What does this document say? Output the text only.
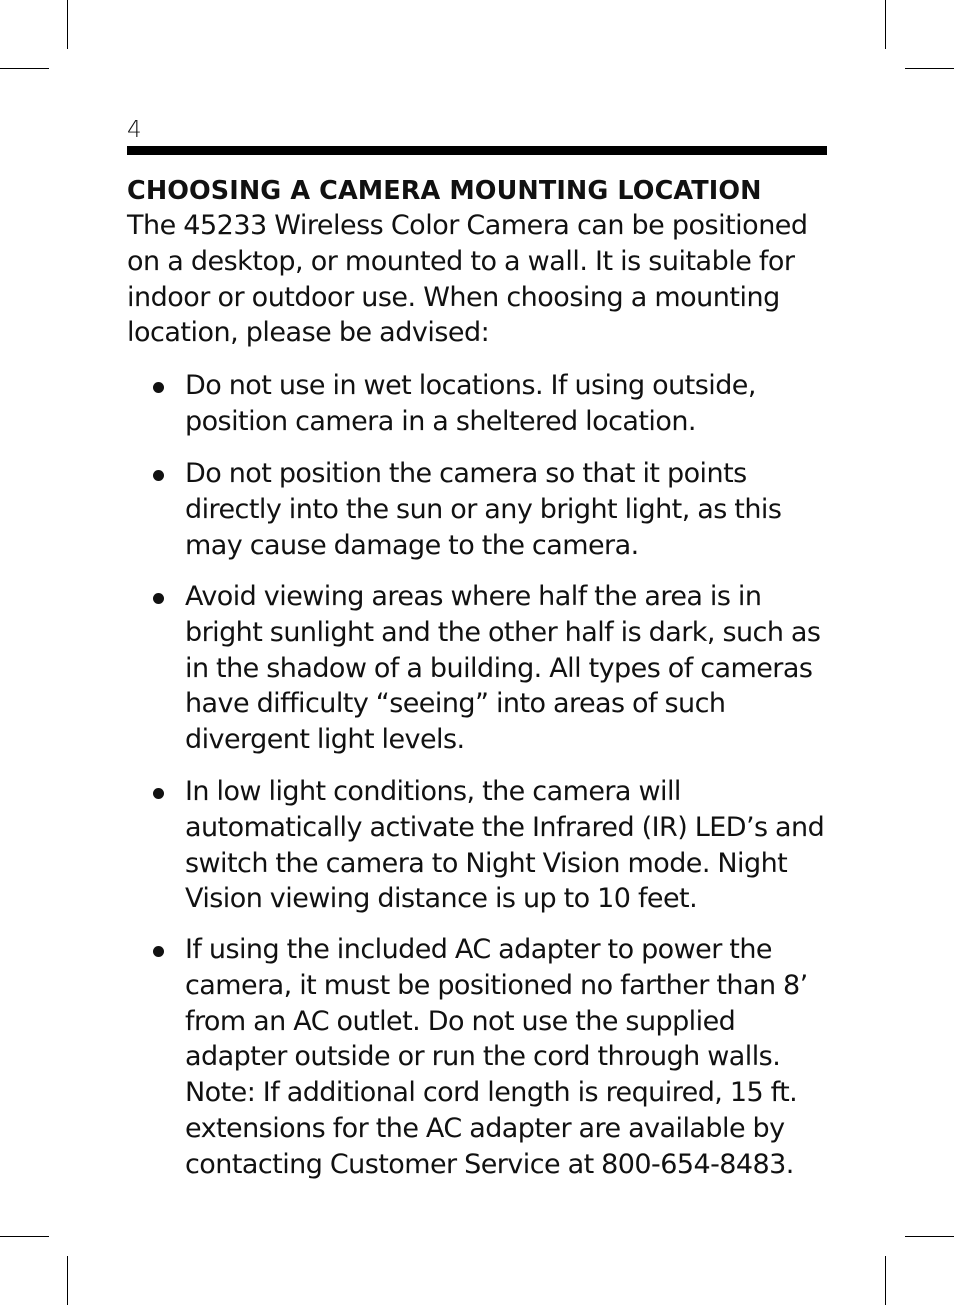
4
CHOOSING A CAMERA MOUNTING LOCATION

The 45233 Wireless Color Camera can be positioned on a desktop, or mounted to a wall. It is suitable for indoor or outdoor use. When choosing a mounting location, please be advised:

Do not use in wet locations. If using outside, position camera in a sheltered location.

Do not position the camera so that it points directly into the sun or any bright light, as this may cause damage to the camera.

Avoid viewing areas where half the area is in bright sunlight and the other half is dark, such as in the shadow of a building. All types of cameras have difficulty “seeing” into areas of such divergent light levels.

In low light conditions, the camera will automatically activate the Infrared (IR) LED’s and switch the camera to Night Vision mode. Night Vision viewing distance is up to 10 feet.

If using the included AC adapter to power the camera, it must be positioned no farther than 8’ from an AC outlet. Do not use the supplied adapter outside or run the cord through walls. Note: If additional cord length is required, 15 ft. extensions for the AC adapter are available by contacting Customer Service at 800-654-8483.
